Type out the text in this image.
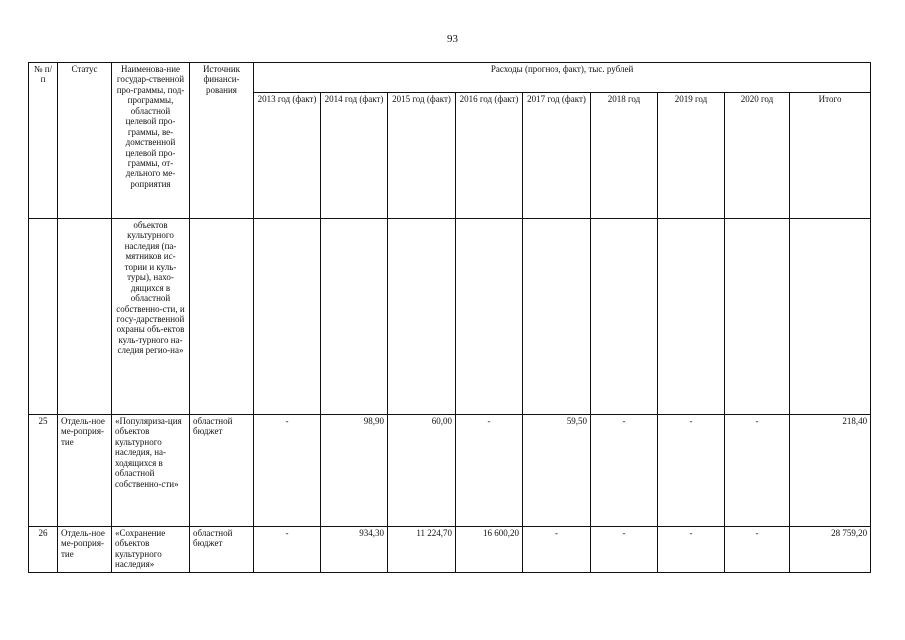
93
№ п/п	Статус	Наименова-ние государ-ственной про-граммы, под-программы, областной целевой про-граммы, ве-домственной целевой про-граммы, от-дельного ме-роприятия	Источник финанси-рования	Расходы (прогноз, факт), тыс. рублей								
				2013 год (факт)	2014 год (факт)	2015 год (факт)	2016 год (факт)	2017 год (факт)	2018 год	2019 год	2020 год	Итого
		объектов культурного наследия (па-мятников ис-тории и куль-туры), нахо-дящихся в областной собственно-сти, и госу-дарственной охраны объ-ектов куль-турного на-следия регио-на»										
25	Отдель-ное ме-роприя-тие	«Популяриза-ция объектов культурного наследия, на-ходящихся в областной собственно-сти»	областной бюджет	-	98,90	60,00	-	59,50	-	-	-	218,40
26	Отдель-ное ме-роприя-тие	«Сохранение объектов культурного наследия»	областной бюджет	-	934,30	11 224,70	16 600,20	-	-	-	-	28 759,20
